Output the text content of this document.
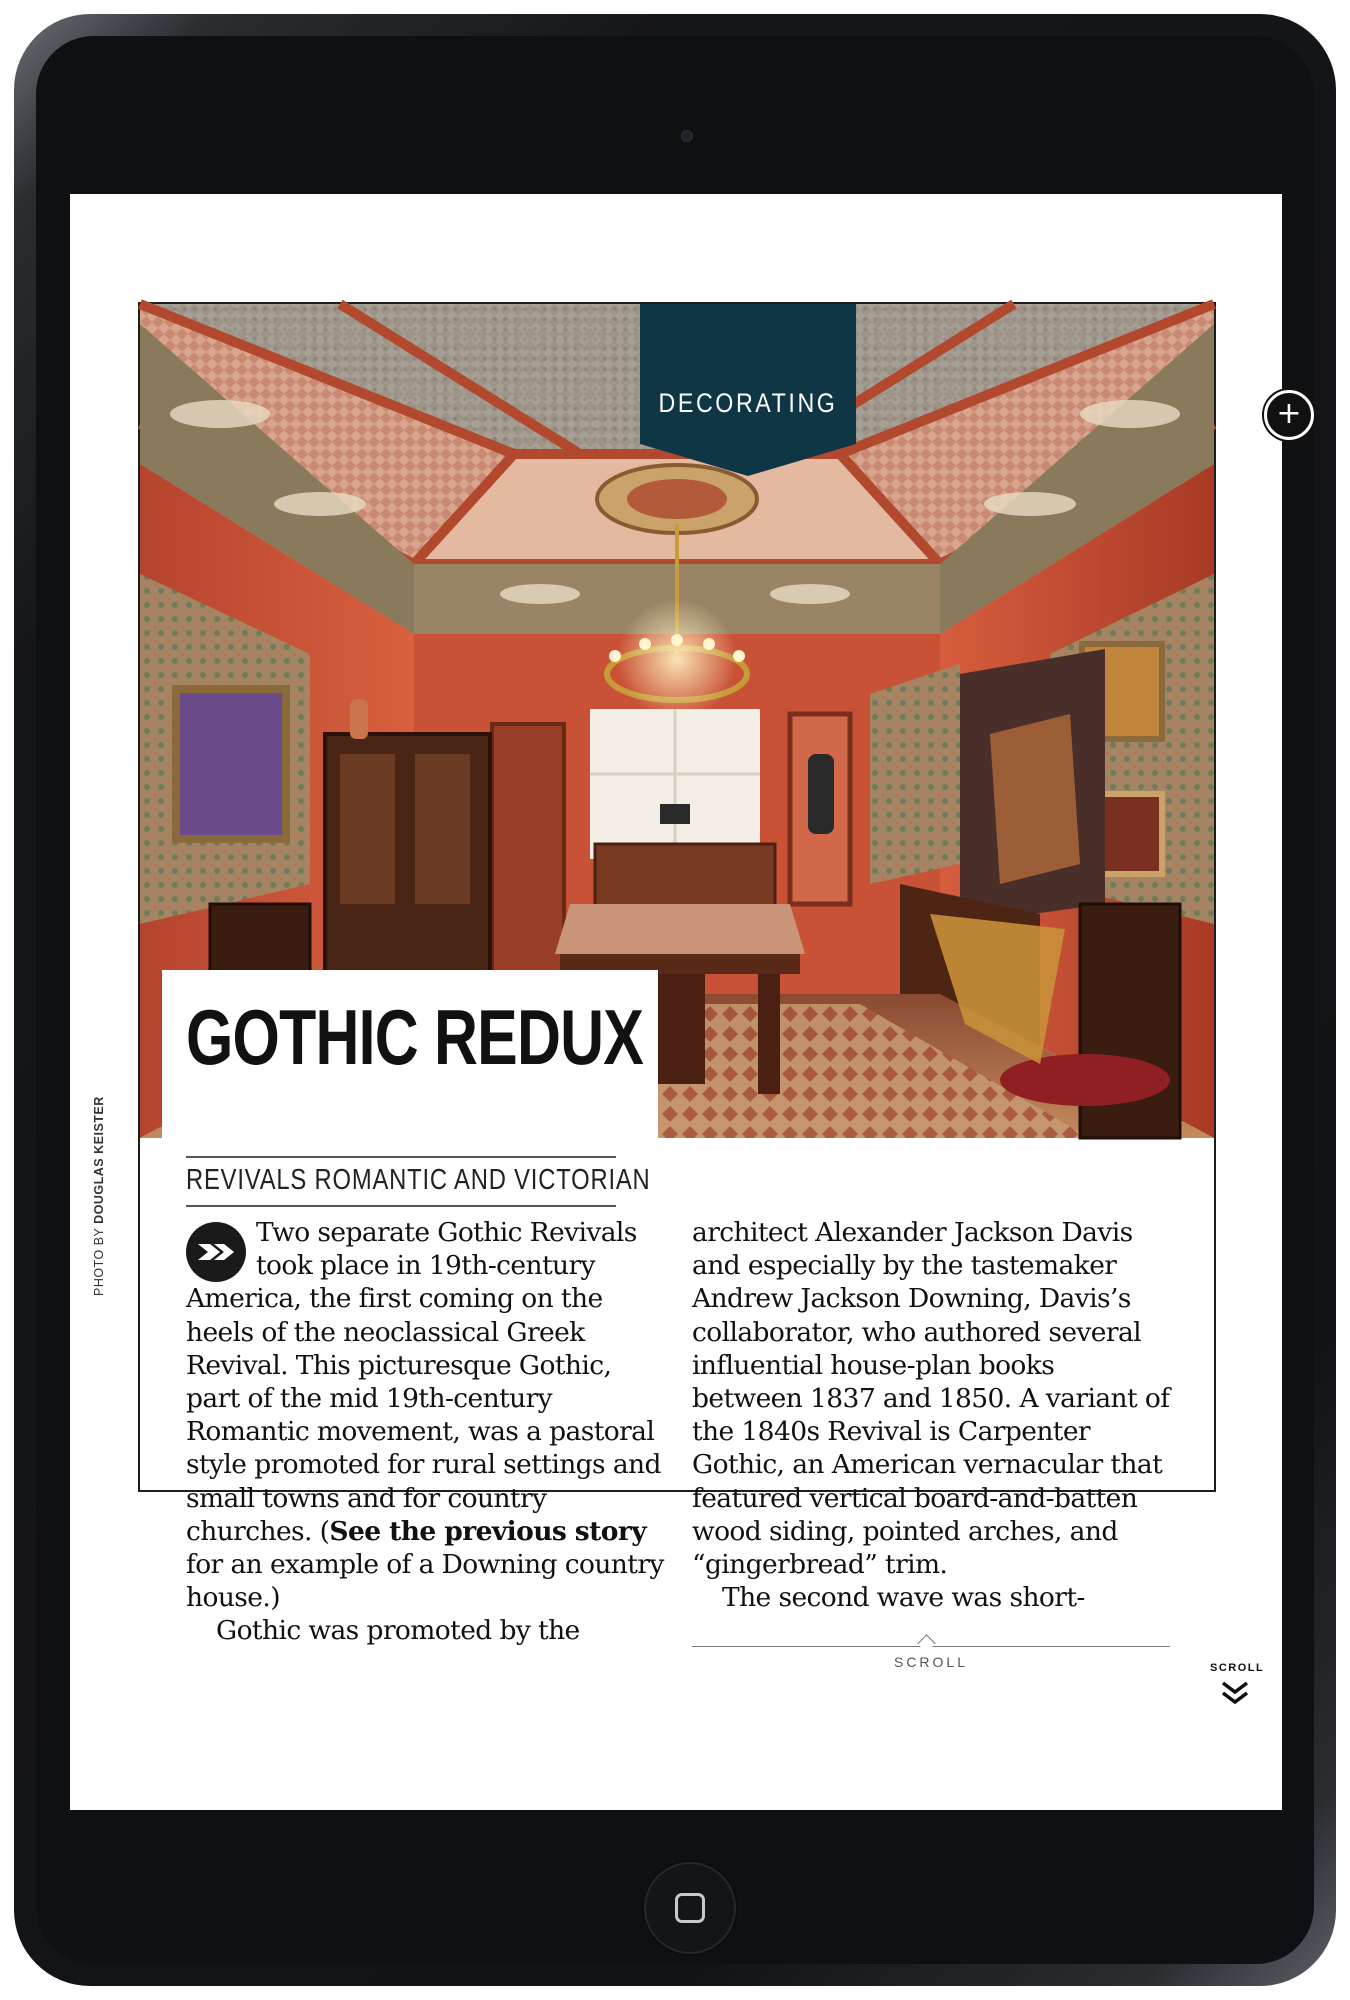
DECORATING	+
GOTHIC REDUX
REVIVALS ROMANTIC AND VICTORIAN

Two separate Gothic Revivals took place in 19th-century America, the first coming on the heels of the neoclassical Greek Revival. This picturesque Gothic, part of the mid 19th-century Romantic movement, was a pastoral style promoted for rural settings and small towns and for country churches. (See the previous story for an example of a Downing country house.)

Gothic was promoted by the

architect Alexander Jackson Davis and especially by the tastemaker Andrew Jackson Downing, Davis’s collaborator, who authored several influential house-plan books between 1837 and 1850. A variant of the 1840s Revival is Carpenter Gothic, an American vernacular that featured vertical board-and-batten wood siding, pointed arches, and “gingerbread” trim.

The second wave was short-

SCROLL
PHOTO BY DOUGLAS KEISTER
SCROLL
